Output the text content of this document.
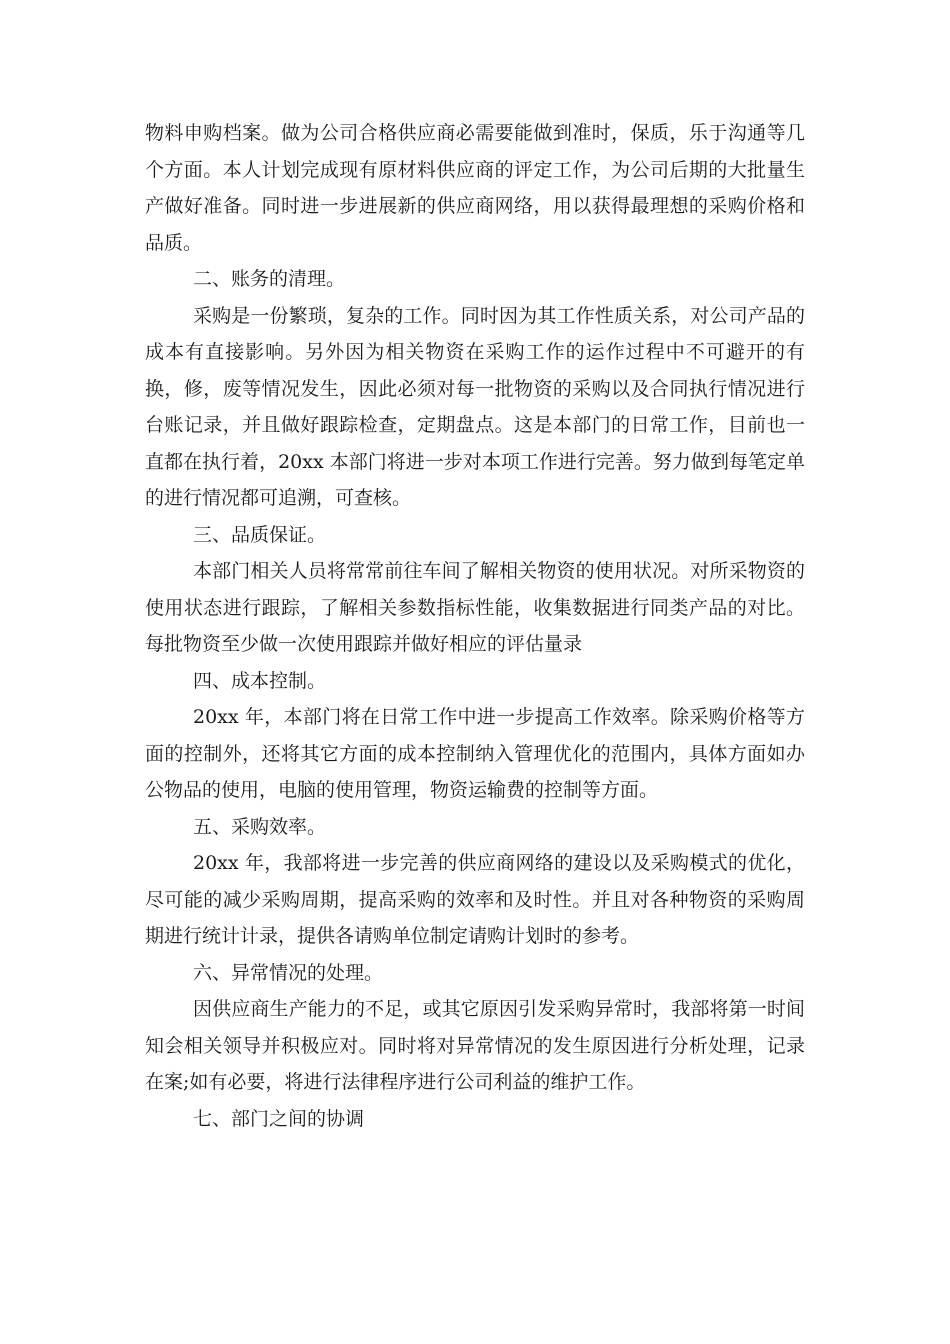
物料申购档案。做为公司合格供应商必需要能做到准时，保质，乐于沟通等几
个方面。本人计划完成现有原材料供应商的评定工作，为公司后期的大批量生
产做好准备。同时进一步进展新的供应商网络，用以获得最理想的采购价格和
品质。
二、账务的清理。
采购是一份繁琐，复杂的工作。同时因为其工作性质关系，对公司产品的
成本有直接影响。另外因为相关物资在采购工作的运作过程中不可避开的有
换，修，废等情况发生，因此必须对每一批物资的采购以及合同执行情况进行
台账记录，并且做好跟踪检查，定期盘点。这是本部门的日常工作，目前也一
直都在执行着，20xx 本部门将进一步对本项工作进行完善。努力做到每笔定单
的进行情况都可追溯，可查核。
三、品质保证。
本部门相关人员将常常前往车间了解相关物资的使用状况。对所采物资的
使用状态进行跟踪，了解相关参数指标性能，收集数据进行同类产品的对比。
每批物资至少做一次使用跟踪并做好相应的评估量录
四、成本控制。
20xx 年，本部门将在日常工作中进一步提高工作效率。除采购价格等方
面的控制外，还将其它方面的成本控制纳入管理优化的范围内，具体方面如办
公物品的使用，电脑的使用管理，物资运输费的控制等方面。
五、采购效率。
20xx 年，我部将进一步完善的供应商网络的建设以及采购模式的优化，
尽可能的减少采购周期，提高采购的效率和及时性。并且对各种物资的采购周
期进行统计计录，提供各请购单位制定请购计划时的参考。
六、异常情况的处理。
因供应商生产能力的不足，或其它原因引发采购异常时，我部将第一时间
知会相关领导并积极应对。同时将对异常情况的发生原因进行分析处理，记录
在案;如有必要，将进行法律程序进行公司利益的维护工作。
七、部门之间的协调
